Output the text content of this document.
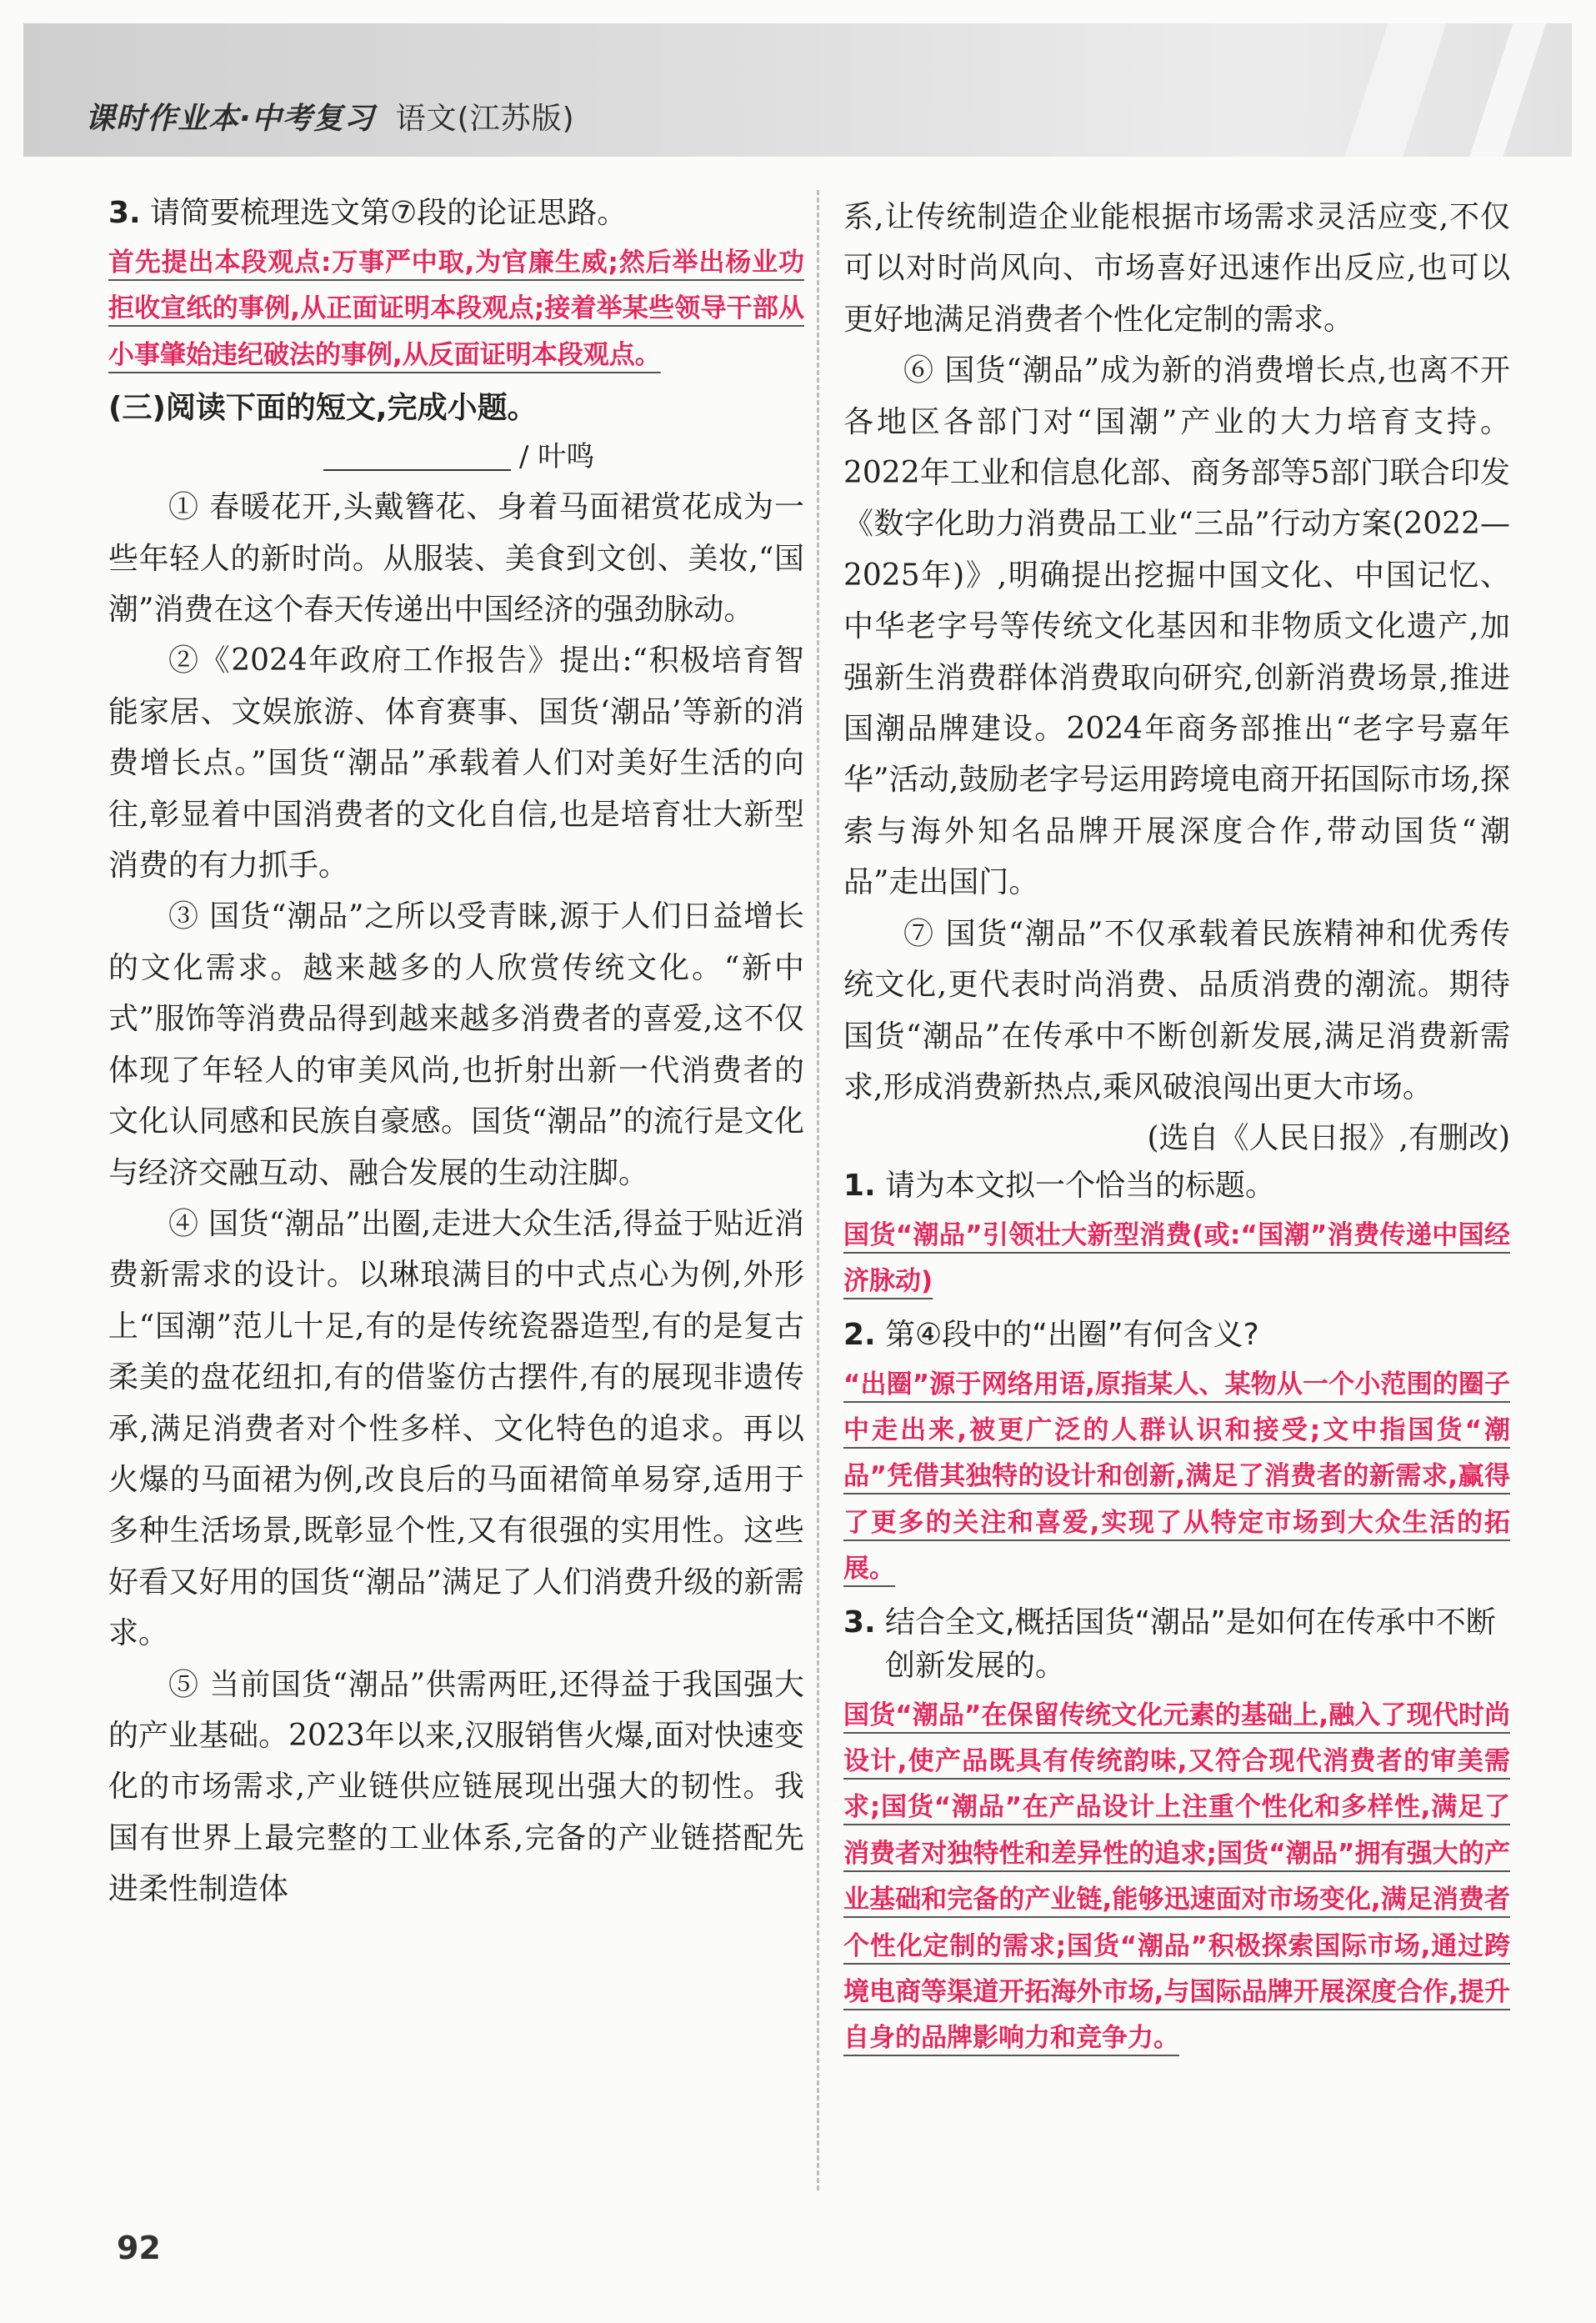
课时作业本·中考复习 语文(江苏版)

3. 请简要梳理选文第⑦段的论证思路。

首先提出本段观点:万事严中取,为官廉生威;然后举出杨业功拒收宣纸的事例,从正面证明本段观点;接着举某些领导干部从小事肇始违纪破法的事例,从反面证明本段观点。

(三)阅读下面的短文,完成小题。

/ 叶鸣

① 春暖花开,头戴簪花、身着马面裙赏花成为一些年轻人的新时尚。从服装、美食到文创、美妆,“国潮”消费在这个春天传递出中国经济的强劲脉动。

②《2024年政府工作报告》提出:“积极培育智能家居、文娱旅游、体育赛事、国货‘潮品’等新的消费增长点。”国货“潮品”承载着人们对美好生活的向往,彰显着中国消费者的文化自信,也是培育壮大新型消费的有力抓手。

③ 国货“潮品”之所以受青睐,源于人们日益增长的文化需求。越来越多的人欣赏传统文化。“新中式”服饰等消费品得到越来越多消费者的喜爱,这不仅体现了年轻人的审美风尚,也折射出新一代消费者的文化认同感和民族自豪感。国货“潮品”的流行是文化与经济交融互动、融合发展的生动注脚。

④ 国货“潮品”出圈,走进大众生活,得益于贴近消费新需求的设计。以琳琅满目的中式点心为例,外形上“国潮”范儿十足,有的是传统瓷器造型,有的是复古柔美的盘花纽扣,有的借鉴仿古摆件,有的展现非遗传承,满足消费者对个性多样、文化特色的追求。再以火爆的马面裙为例,改良后的马面裙简单易穿,适用于多种生活场景,既彰显个性,又有很强的实用性。这些好看又好用的国货“潮品”满足了人们消费升级的新需求。

⑤ 当前国货“潮品”供需两旺,还得益于我国强大的产业基础。2023年以来,汉服销售火爆,面对快速变化的市场需求,产业链供应链展现出强大的韧性。我国有世界上最完整的工业体系,完备的产业链搭配先进柔性制造体

系,让传统制造企业能根据市场需求灵活应变,不仅可以对时尚风向、市场喜好迅速作出反应,也可以更好地满足消费者个性化定制的需求。

⑥ 国货“潮品”成为新的消费增长点,也离不开各地区各部门对“国潮”产业的大力培育支持。2022年工业和信息化部、商务部等5部门联合印发《数字化助力消费品工业“三品”行动方案(2022—2025年)》,明确提出挖掘中国文化、中国记忆、中华老字号等传统文化基因和非物质文化遗产,加强新生消费群体消费取向研究,创新消费场景,推进国潮品牌建设。2024年商务部推出“老字号嘉年华”活动,鼓励老字号运用跨境电商开拓国际市场,探索与海外知名品牌开展深度合作,带动国货“潮品”走出国门。

⑦ 国货“潮品”不仅承载着民族精神和优秀传统文化,更代表时尚消费、品质消费的潮流。期待国货“潮品”在传承中不断创新发展,满足消费新需求,形成消费新热点,乘风破浪闯出更大市场。

(选自《人民日报》,有删改)

1. 请为本文拟一个恰当的标题。

国货“潮品”引领壮大新型消费(或:“国潮”消费传递中国经济脉动)

2. 第④段中的“出圈”有何含义?

“出圈”源于网络用语,原指某人、某物从一个小范围的圈子中走出来,被更广泛的人群认识和接受;文中指国货“潮品”凭借其独特的设计和创新,满足了消费者的新需求,赢得了更多的关注和喜爱,实现了从特定市场到大众生活的拓展。

3. 结合全文,概括国货“潮品”是如何在传承中不断创新发展的。

国货“潮品”在保留传统文化元素的基础上,融入了现代时尚设计,使产品既具有传统韵味,又符合现代消费者的审美需求;国货“潮品”在产品设计上注重个性化和多样性,满足了消费者对独特性和差异性的追求;国货“潮品”拥有强大的产业基础和完备的产业链,能够迅速面对市场变化,满足消费者个性化定制的需求;国货“潮品”积极探索国际市场,通过跨境电商等渠道开拓海外市场,与国际品牌开展深度合作,提升自身的品牌影响力和竞争力。

92
